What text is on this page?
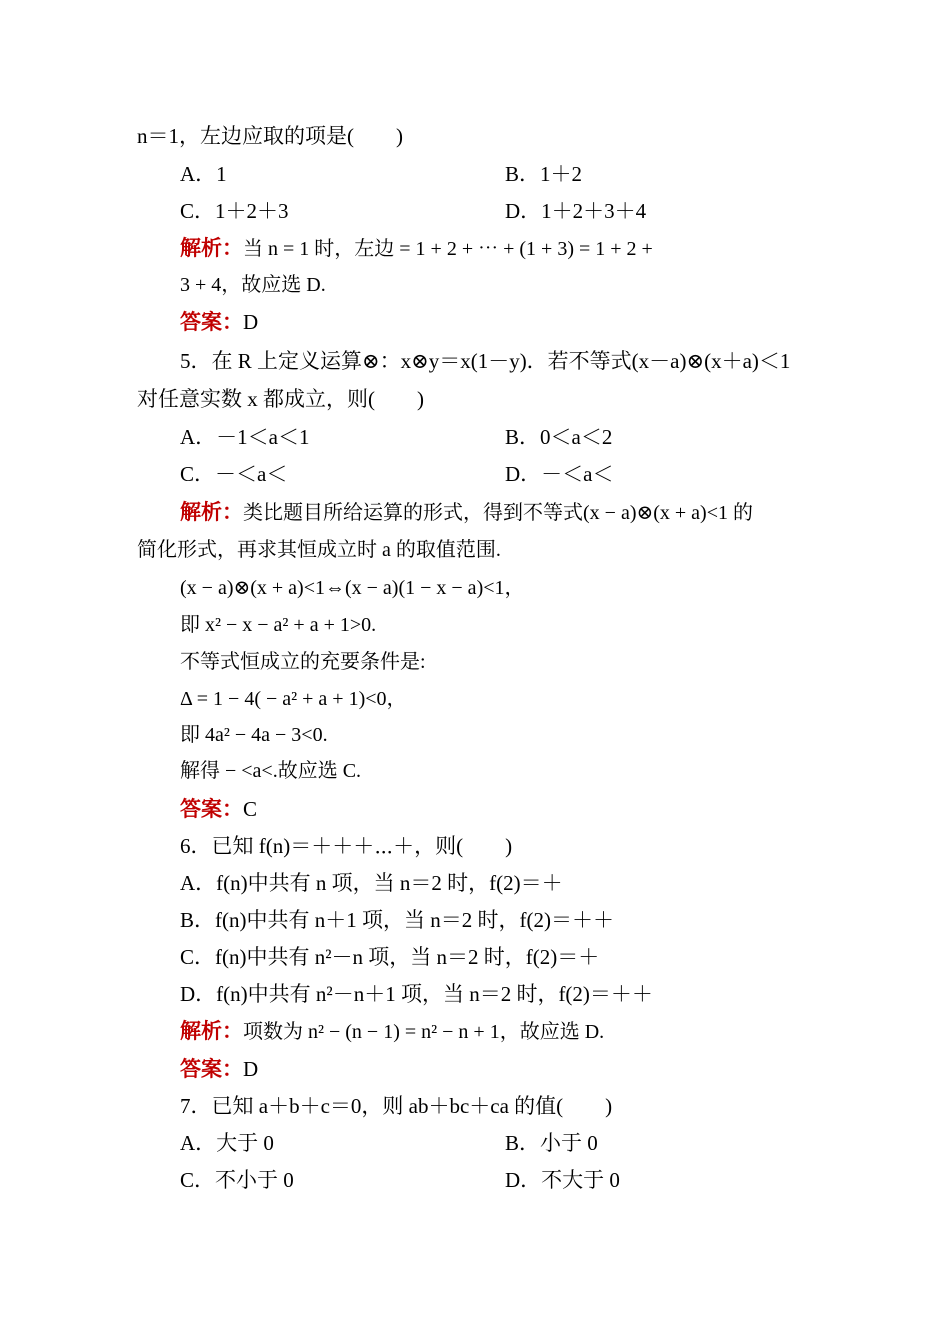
n＝1，左边应取的项是(　　)
A．1	B．1＋2
C．1＋2＋3	D．1＋2＋3＋4
解析：当 n = 1 时，左边 = 1 + 2 + ⋯ + (1 + 3) = 1 + 2 +
3 + 4，故应选 D.
答案：D
5．在 R 上定义运算⊗：x⊗y＝x(1－y)．若不等式(x－a)⊗(x＋a)＜1
对任意实数 x 都成立，则(　　)
A．－1＜a＜1	B．0＜a＜2
C．－＜a＜	D．－＜a＜
解析：类比题目所给运算的形式，得到不等式(x − a)⊗(x + a)<1 的
简化形式，再求其恒成立时 a 的取值范围.
(x − a)⊗(x + a)<1⇔(x − a)(1 − x − a)<1，
即 x² − x − a² + a + 1>0.
不等式恒成立的充要条件是:
Δ = 1 − 4( − a² + a + 1)<0，
即 4a² − 4a − 3<0.
解得 − <a<.故应选 C.
答案：C
6．已知 f(n)＝＋＋＋⋯＋，则(　　)
A．f(n)中共有 n 项，当 n＝2 时，f(2)＝＋
B．f(n)中共有 n＋1 项，当 n＝2 时，f(2)＝＋＋
C．f(n)中共有 n²－n 项，当 n＝2 时，f(2)＝＋
D．f(n)中共有 n²－n＋1 项，当 n＝2 时，f(2)＝＋＋
解析：项数为 n² − (n − 1) = n² − n + 1，故应选 D.
答案：D
7．已知 a＋b＋c＝0，则 ab＋bc＋ca 的值(　　)
A．大于 0	B．小于 0
C．不小于 0	D．不大于 0
